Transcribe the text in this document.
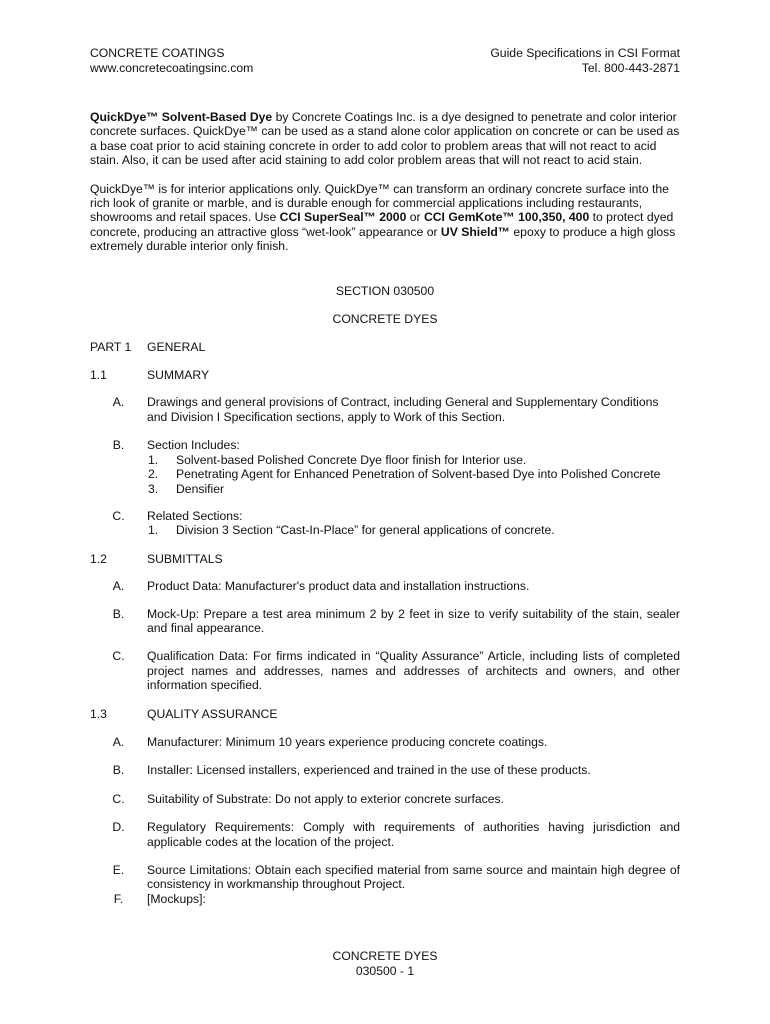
CONCRETE COATINGS
www.concretecoatingsinc.com
Guide Specifications in CSI Format
Tel. 800-443-2871

QuickDye™ Solvent-Based Dye by Concrete Coatings Inc. is a dye designed to penetrate and color interior concrete surfaces. QuickDye™ can be used as a stand alone color application on concrete or can be used as a base coat prior to acid staining concrete in order to add color to problem areas that will not react to acid stain. Also, it can be used after acid staining to add color problem areas that will not react to acid stain.

QuickDye™ is for interior applications only. QuickDye™ can transform an ordinary concrete surface into the rich look of granite or marble, and is durable enough for commercial applications including restaurants, showrooms and retail spaces. Use CCI SuperSeal™ 2000 or CCI GemKote™ 100,350, 400 to protect dyed concrete, producing an attractive gloss “wet-look” appearance or UV Shield™ epoxy to produce a high gloss extremely durable interior only finish.

SECTION 030500
CONCRETE DYES
PART 1	GENERAL
1.1	SUMMARY
A.	Drawings and general provisions of Contract, including General and Supplementary Conditions and Division I Specification sections, apply to Work of this Section.
B.	Section Includes:
1.	Solvent-based Polished Concrete Dye floor finish for Interior use.
2.	Penetrating Agent for Enhanced Penetration of Solvent-based Dye into Polished Concrete
3.	Densifier
C.	Related Sections:
1.	Division 3 Section “Cast-In-Place” for general applications of concrete.
1.2	SUBMITTALS
A.	Product Data: Manufacturer's product data and installation instructions.
B.	Mock-Up: Prepare a test area minimum 2 by 2 feet in size to verify suitability of the stain, sealer and final appearance.
C.	Qualification Data: For firms indicated in “Quality Assurance” Article, including lists of completed project names and addresses, names and addresses of architects and owners, and other information specified.
1.3	QUALITY ASSURANCE
A.	Manufacturer: Minimum 10 years experience producing concrete coatings.
B.	Installer: Licensed installers, experienced and trained in the use of these products.
C.	Suitability of Substrate: Do not apply to exterior concrete surfaces.
D.	Regulatory Requirements: Comply with requirements of authorities having jurisdiction and applicable codes at the location of the project.
E.	Source Limitations: Obtain each specified material from same source and maintain high degree of consistency in workmanship throughout Project.
F.	[Mockups]:
CONCRETE DYES
030500 - 1
